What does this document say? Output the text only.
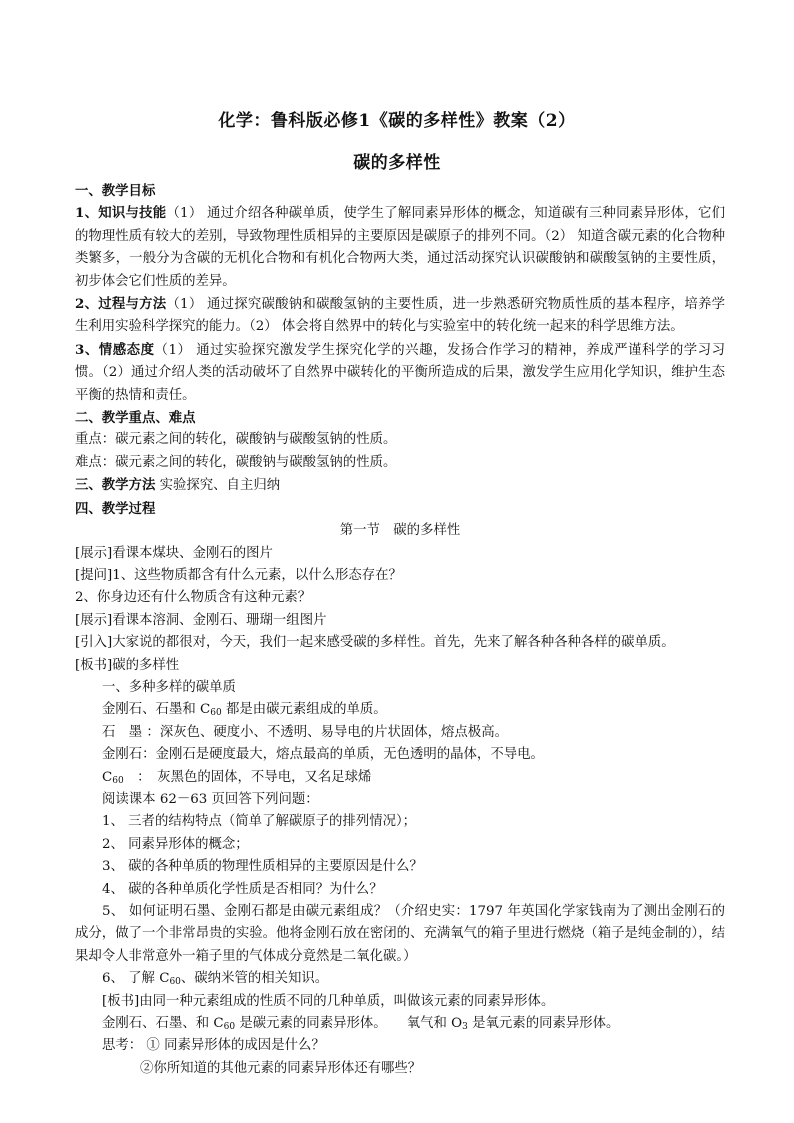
化学：鲁科版必修1《碳的多样性》教案（2）
碳的多样性
一、教学目标
1、知识与技能（1） 通过介绍各种碳单质，使学生了解同素异形体的概念，知道碳有三种同素异形体，它们的物理性质有较大的差别，导致物理性质相异的主要原因是碳原子的排列不同。（2） 知道含碳元素的化合物种类繁多，一般分为含碳的无机化合物和有机化合物两大类，通过活动探究认识碳酸钠和碳酸氢钠的主要性质，初步体会它们性质的差异。
2、过程与方法（1） 通过探究碳酸钠和碳酸氢钠的主要性质，进一步熟悉研究物质性质的基本程序，培养学生利用实验科学探究的能力。（2） 体会将自然界中的转化与实验室中的转化统一起来的科学思维方法。
3、情感态度（1） 通过实验探究激发学生探究化学的兴趣，发扬合作学习的精神，养成严谨科学的学习习惯。（2）通过介绍人类的活动破坏了自然界中碳转化的平衡所造成的后果，激发学生应用化学知识，维护生态平衡的热情和责任。
二、教学重点、难点
重点：碳元素之间的转化，碳酸钠与碳酸氢钠的性质。
难点：碳元素之间的转化，碳酸钠与碳酸氢钠的性质。
三、教学方法 实验探究、自主归纳
四、教学过程
第一节　碳的多样性
[展示]看课本煤块、金刚石的图片
[提问]1、这些物质都含有什么元素，以什么形态存在？
2、你身边还有什么物质含有这种元素？
[展示]看课本溶洞、金刚石、珊瑚一组图片
[引入]大家说的都很对，今天，我们一起来感受碳的多样性。首先，先来了解各种各种各样的碳单质。
[板书]碳的多样性
一、多种多样的碳单质
金刚石、石墨和 $C_{60}$ 都是由碳元素组成的单质。
石　墨 ：深灰色、硬度小、不透明、易导电的片状固体，熔点极高。
金刚石：金刚石是硬度最大，熔点最高的单质，无色透明的晶体，不导电。
$C_{60}$　：　灰黑色的固体，不导电，又名足球烯
阅读课本 62－63 页回答下列问题：
1、 三者的结构特点（简单了解碳原子的排列情况）；
2、 同素异形体的概念；
3、 碳的各种单质的物理性质相异的主要原因是什么？
4、 碳的各种单质化学性质是否相同？为什么？
5、 如何证明石墨、金刚石都是由碳元素组成？（介绍史实：1797 年英国化学家钱南为了测出金刚石的成分，做了一个非常昂贵的实验。他将金刚石放在密闭的、充满氧气的箱子里进行燃烧（箱子是纯金制的），结果却令人非常意外一箱子里的气体成分竟然是二氧化碳。）
6、 了解 $C_{60}$、碳纳米管的相关知识。
[板书]由同一种元素组成的性质不同的几种单质，叫做该元素的同素异形体。
金刚石、石墨、和 $C_{60}$ 是碳元素的同素异形体。　　氧气和 $O_3$ 是氧元素的同素异形体。
思考： ① 同素异形体的成因是什么？
②你所知道的其他元素的同素异形体还有哪些？
